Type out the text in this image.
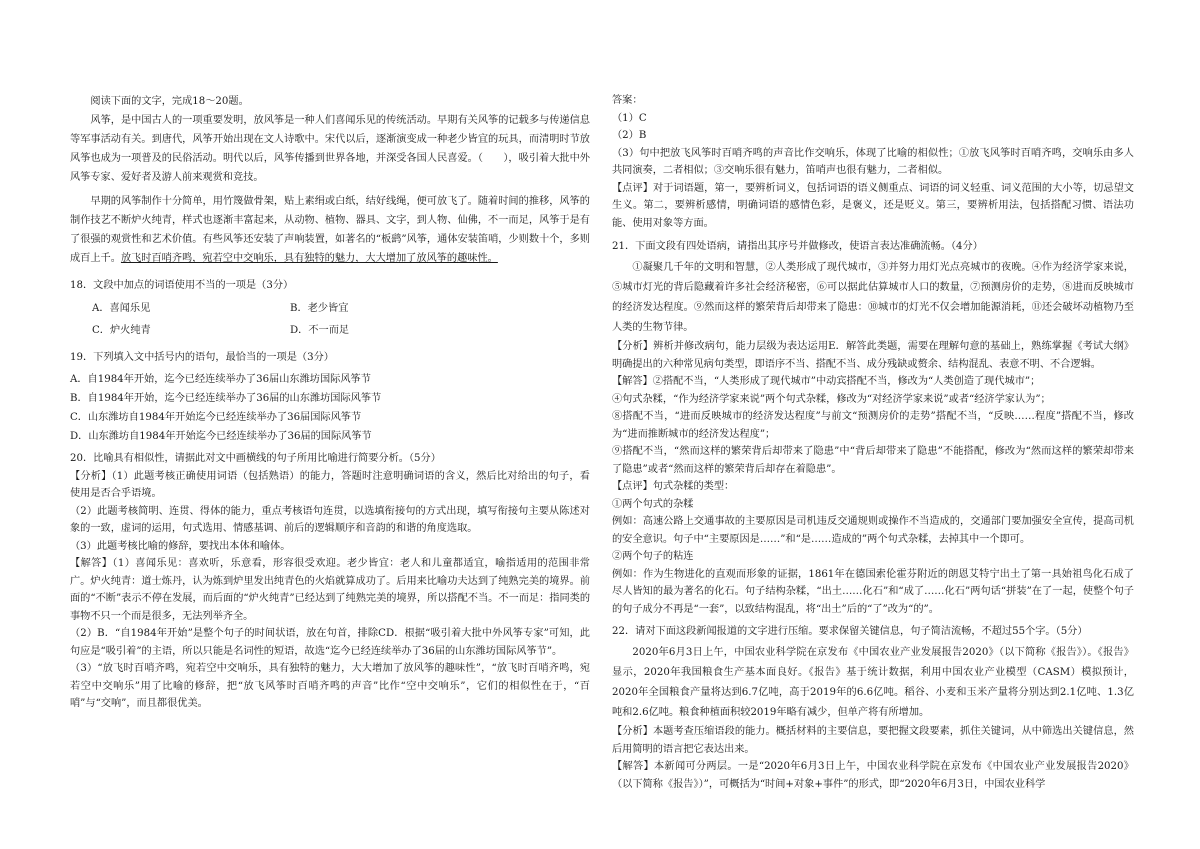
阅读下面的文字，完成18～20题。

风筝，是中国古人的一项重要发明，放风筝是一种人们喜闻乐见的传统活动。早期有关风筝的记载多与传递信息等军事活动有关。到唐代，风筝开始出现在文人诗歌中。宋代以后，逐渐演变成一种老少皆宜的玩具，而清明时节放风筝也成为一项普及的民俗活动。明代以后，风筝传播到世界各地，并深受各国人民喜爱。（　　），吸引着大批中外风筝专家、爱好者及游人前来观赏和竞技。

早期的风筝制作十分简单，用竹篾做骨架，贴上素绢或白纸，结好线绳，便可放飞了。随着时间的推移，风筝的制作技艺不断炉火纯青，样式也逐渐丰富起来，从动物、植物、器具、文字，到人物、仙佛，不一而足，风筝于是有了很强的观赏性和艺术价值。有些风筝还安装了声响装置，如著名的“板鹞”风筝，通体安装笛哨，少则数十个，多则成百上千。放飞时百哨齐鸣，宛若空中交响乐，具有独特的魅力，大大增加了放风筝的趣味性。

18．文段中加点的词语使用不当的一项是（3分）

A．喜闻乐见	B．老少皆宜
C．炉火纯青	D．不一而足

19．下列填入文中括号内的语句，最恰当的一项是（3分）

A．自1984年开始，迄今已经连续举办了36届山东潍坊国际风筝节

B．自1984年开始，迄今已经连续举办了36届的山东潍坊国际风筝节

C．山东潍坊自1984年开始迄今已经连续举办了36届国际风筝节

D．山东潍坊自1984年开始迄今已经连续举办了36届的国际风筝节

20．比喻具有相似性，请据此对文中画横线的句子所用比喻进行简要分析。（5分）

【分析】（1）此题考核正确使用词语（包括熟语）的能力，答题时注意明确词语的含义，然后比对给出的句子，看使用是否合乎语境。

（2）此题考核简明、连贯、得体的能力，重点考核语句连贯，以选填衔接句的方式出现，填写衔接句主要从陈述对象的一致，虚词的运用，句式选用、情感基调、前后的逻辑顺序和音韵的和谐的角度选取。

（3）此题考核比喻的修辞，要找出本体和喻体。

【解答】（1）喜闻乐见：喜欢听，乐意看，形容很受欢迎。老少皆宜：老人和儿童都适宜，喻指适用的范围非常广。炉火纯青：道士炼丹，认为炼到炉里发出纯青色的火焰就算成功了。后用来比喻功夫达到了纯熟完美的境界。前面的“不断”表示不停在发展，而后面的“炉火纯青”已经达到了纯熟完美的境界，所以搭配不当。不一而足：指同类的事物不只一个而是很多，无法列举齐全。

（2）B．“自1984年开始”是整个句子的时间状语，放在句首，排除CD．根据“吸引着大批中外风筝专家”可知，此句应是“吸引着”的主语，所以只能是名词性的短语，故选“迄今已经连续举办了36届的山东潍坊国际风筝节”。

（3）“放飞时百哨齐鸣，宛若空中交响乐，具有独特的魅力，大大增加了放风筝的趣味性”，“放飞时百哨齐鸣，宛若空中交响乐”用了比喻的修辞，把“放飞风筝时百哨齐鸣的声音”比作“空中交响乐”，它们的相似性在于，“百哨”与“交响”，而且都很优美。

答案：

（1）C

（2）B

（3）句中把放飞风筝时百哨齐鸣的声音比作交响乐，体现了比喻的相似性；①放飞风筝时百哨齐鸣，交响乐由多人共同演奏，二者相似；③交响乐很有魅力，笛哨声也很有魅力，二者相似。

【点评】对于词语题，第一，要辨析词义，包括词语的语义侧重点、词语的词义轻重、词义范围的大小等，切忌望文生义。第二，要辨析感情，明确词语的感情色彩，是褒义，还是贬义。第三，要辨析用法，包括搭配习惯、语法功能、使用对象等方面。

21．下面文段有四处语病，请指出其序号并做修改，使语言表达准确流畅。（4分）

①凝聚几千年的文明和智慧，②人类形成了现代城市，③并努力用灯光点亮城市的夜晚。④作为经济学家来说，⑤城市灯光的背后隐藏着许多社会经济秘密，⑥可以据此估算城市人口的数量，⑦预测房价的走势，⑧进而反映城市的经济发达程度。⑨然而这样的繁荣背后却带来了隐患：⑩城市的灯光不仅会增加能源消耗，⑪还会破坏动植物乃至人类的生物节律。

【分析】辨析并修改病句，能力层级为表达运用E．解答此类题，需要在理解句意的基础上，熟练掌握《考试大纲》明确提出的六种常见病句类型，即语序不当、搭配不当、成分残缺或赘余、结构混乱、表意不明、不合逻辑。

【解答】②搭配不当，“人类形成了现代城市”中动宾搭配不当，修改为“人类创造了现代城市”；

④句式杂糅，“作为经济学家来说”两个句式杂糅，修改为“对经济学家来说”或者“经济学家认为”；

⑧搭配不当，“进而反映城市的经济发达程度”与前文“预测房价的走势”搭配不当，“反映……程度”搭配不当，修改为“进而推断城市的经济发达程度”；

⑨搭配不当，“然而这样的繁荣背后却带来了隐患”中“背后却带来了隐患”不能搭配，修改为“然而这样的繁荣却带来了隐患”或者“然而这样的繁荣背后却存在着隐患”。

【点评】句式杂糅的类型：

①两个句式的杂糅

例如：高速公路上交通事故的主要原因是司机违反交通规则或操作不当造成的，交通部门要加强安全宣传，提高司机的安全意识。句子中“主要原因是……”和“是……造成的”两个句式杂糅，去掉其中一个即可。

②两个句子的粘连

例如：作为生物进化的直观而形象的证据，1861年在德国索伦霍芬附近的朗恩艾特宁出土了第一具始祖鸟化石成了尽人皆知的最为著名的化石。句子结构杂糅，“出土……化石”和“成了……化石”两句话“拼装”在了一起，使整个句子的句子成分不再是“一套”，以致结构混乱，将“出土”后的“了”改为“的”。

22．请对下面这段新闻报道的文字进行压缩。要求保留关键信息，句子简洁流畅，不超过55个字。（5分）

2020年6月3日上午，中国农业科学院在京发布《中国农业产业发展报告2020》（以下简称《报告》）。《报告》显示，2020年我国粮食生产基本面良好。《报告》基于统计数据，利用中国农业产业模型（CASM）模拟预计，2020年全国粮食产量将达到6.7亿吨，高于2019年的6.6亿吨。稻谷、小麦和玉米产量将分别达到2.1亿吨、1.3亿吨和2.6亿吨。粮食种植面积较2019年略有减少，但单产将有所增加。

【分析】本题考查压缩语段的能力。概括材料的主要信息，要把握文段要素，抓住关键词，从中筛选出关键信息，然后用简明的语言把它表达出来。

【解答】本新闻可分两层。一是“2020年6月3日上午，中国农业科学院在京发布《中国农业产业发展报告2020》（以下简称《报告》）”，可概括为“时间+对象+事件”的形式，即“2020年6月3日，中国农业科学
